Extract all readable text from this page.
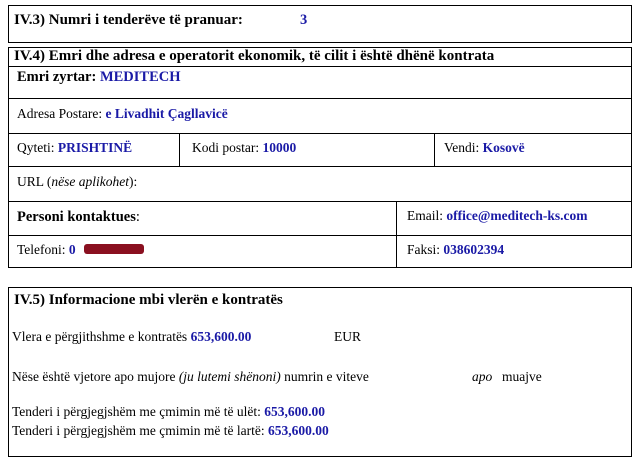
IV.3) Numri i tenderëve të pranuar:	3
IV.4) Emri dhe adresa e operatorit ekonomik, të cilit i është dhënë kontrata
Emri zyrtar: MEDITECH
Adresa Postare: e Livadhit Çagllavicë
Qyteti: PRISHTINË	Kodi postar: 10000	Vendi: Kosovë
URL (nëse aplikohet):
Personi kontaktues:	Email: office@meditech-ks.com
Telefoni: 0	Faksi: 038602394
IV.5) Informacione mbi vlerën e kontratës
Vlera e përgjithshme e kontratës 653,600.00	EUR
Nëse është vjetore apo mujore (ju lutemi shënoni) numrin e viteve	apo muajve
Tenderi i përgjegjshëm me çmimin më të ulët: 653,600.00
Tenderi i përgjegjshëm me çmimin më të lartë: 653,600.00
